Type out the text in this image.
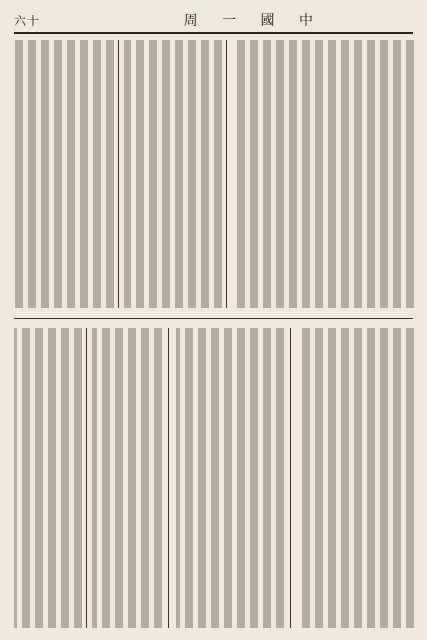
六十	周 一 國 中
